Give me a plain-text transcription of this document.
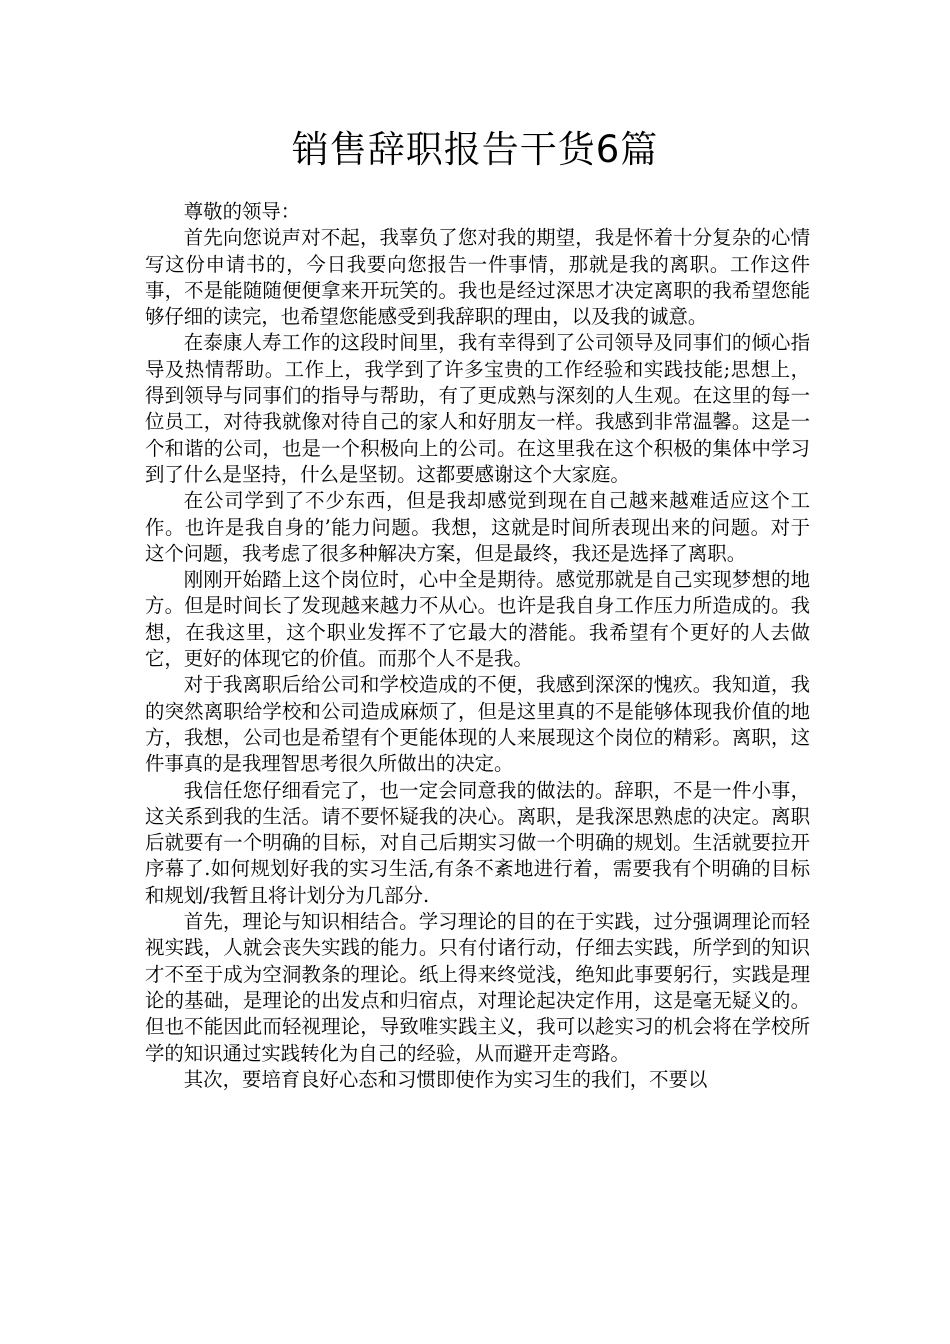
销售辞职报告干货6篇

尊敬的领导：

首先向您说声对不起，我辜负了您对我的期望，我是怀着十分复杂的心情写这份申请书的，今日我要向您报告一件事情，那就是我的离职。工作这件事，不是能随随便便拿来开玩笑的。我也是经过深思才决定离职的我希望您能够仔细的读完，也希望您能感受到我辞职的理由，以及我的诚意。

在泰康人寿工作的这段时间里，我有幸得到了公司领导及同事们的倾心指导及热情帮助。工作上，我学到了许多宝贵的工作经验和实践技能;思想上，得到领导与同事们的指导与帮助，有了更成熟与深刻的人生观。在这里的每一位员工，对待我就像对待自己的家人和好朋友一样。我感到非常温馨。这是一个和谐的公司，也是一个积极向上的公司。在这里我在这个积极的集体中学习到了什么是坚持，什么是坚韧。这都要感谢这个大家庭。

在公司学到了不少东西，但是我却感觉到现在自己越来越难适应这个工作。也许是我自身的’能力问题。我想，这就是时间所表现出来的问题。对于这个问题，我考虑了很多种解决方案，但是最终，我还是选择了离职。

刚刚开始踏上这个岗位时，心中全是期待。感觉那就是自己实现梦想的地方。但是时间长了发现越来越力不从心。也许是我自身工作压力所造成的。我想，在我这里，这个职业发挥不了它最大的潜能。我希望有个更好的人去做它，更好的体现它的价值。而那个人不是我。

对于我离职后给公司和学校造成的不便，我感到深深的愧疚。我知道，我的突然离职给学校和公司造成麻烦了，但是这里真的不是能够体现我价值的地方，我想，公司也是希望有个更能体现的人来展现这个岗位的精彩。离职，这件事真的是我理智思考很久所做出的决定。

我信任您仔细看完了，也一定会同意我的做法的。辞职，不是一件小事，这关系到我的生活。请不要怀疑我的决心。离职，是我深思熟虑的决定。离职后就要有一个明确的目标，对自己后期实习做一个明确的规划。生活就要拉开序幕了.如何规划好我的实习生活,有条不紊地进行着，需要我有个明确的目标和规划/我暂且将计划分为几部分.

首先，理论与知识相结合。学习理论的目的在于实践，过分强调理论而轻视实践，人就会丧失实践的能力。只有付诸行动，仔细去实践，所学到的知识才不至于成为空洞教条的理论。纸上得来终觉浅，绝知此事要躬行，实践是理论的基础，是理论的出发点和归宿点，对理论起决定作用，这是毫无疑义的。但也不能因此而轻视理论，导致唯实践主义，我可以趁实习的机会将在学校所学的知识通过实践转化为自己的经验，从而避开走弯路。

其次，要培育良好心态和习惯即使作为实习生的我们，不要以
